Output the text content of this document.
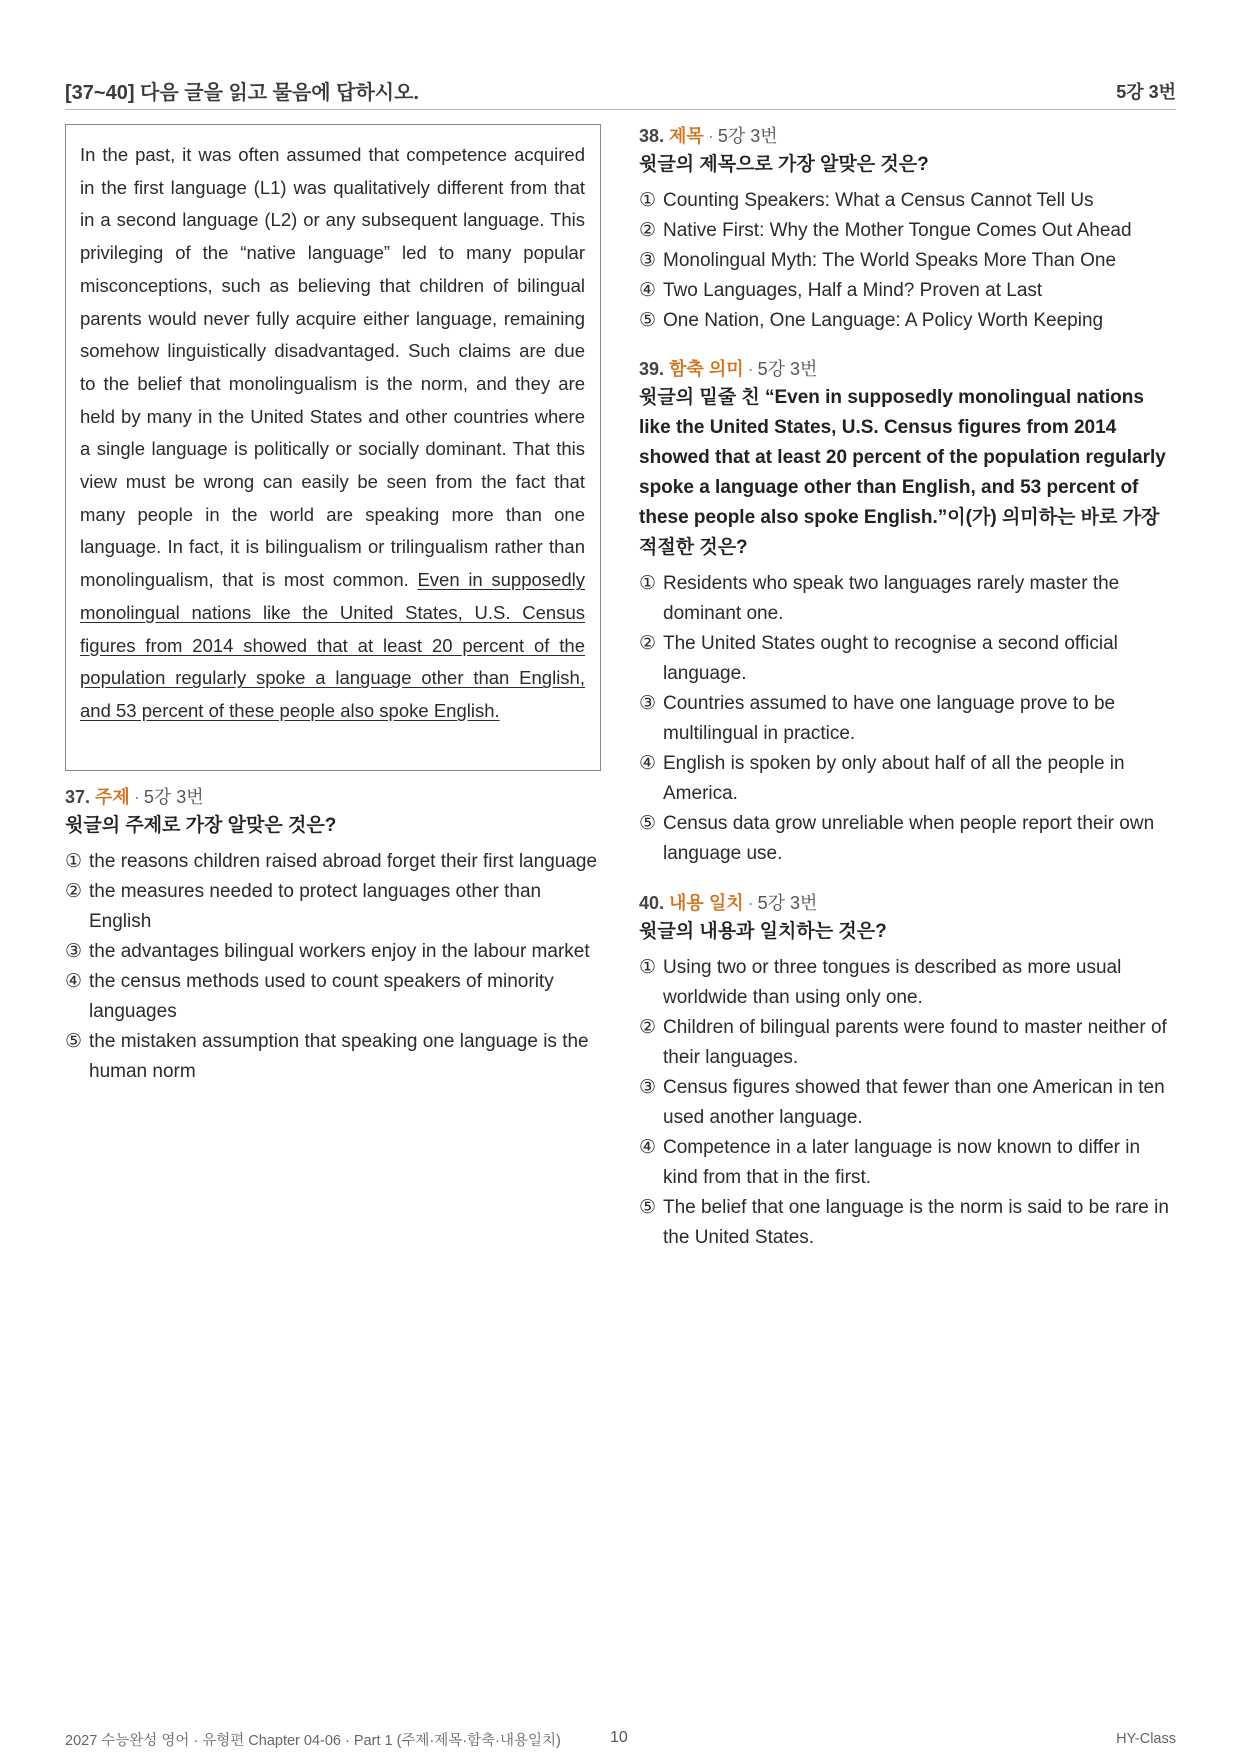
[37~40] 다음 글을 읽고 물음에 답하시오.	5강 3번
In the past, it was often assumed that competence acquired in the first language (L1) was qualitatively different from that in a second language (L2) or any subsequent language. This privileging of the “native language” led to many popular misconceptions, such as believing that children of bilingual parents would never fully acquire either language, remaining somehow linguistically disadvantaged. Such claims are due to the belief that monolingualism is the norm, and they are held by many in the United States and other countries where a single language is politically or socially dominant. That this view must be wrong can easily be seen from the fact that many people in the world are speaking more than one language. In fact, it is bilingualism or trilingualism rather than monolingualism, that is most common. Even in supposedly monolingual nations like the United States, U.S. Census figures from 2014 showed that at least 20 percent of the population regularly spoke a language other than English, and 53 percent of these people also spoke English.
37. 주제 · 5강 3번
윗글의 주제로 가장 알맞은 것은?
① the reasons children raised abroad forget their first language
② the measures needed to protect languages other than English
③ the advantages bilingual workers enjoy in the labour market
④ the census methods used to count speakers of minority languages
⑤ the mistaken assumption that speaking one language is the human norm
38. 제목 · 5강 3번
윗글의 제목으로 가장 알맞은 것은?
① Counting Speakers: What a Census Cannot Tell Us
② Native First: Why the Mother Tongue Comes Out Ahead
③ Monolingual Myth: The World Speaks More Than One
④ Two Languages, Half a Mind? Proven at Last
⑤ One Nation, One Language: A Policy Worth Keeping
39. 함축 의미 · 5강 3번
윗글의 밑줄 친 “Even in supposedly monolingual nations like the United States, U.S. Census figures from 2014 showed that at least 20 percent of the population regularly spoke a language other than English, and 53 percent of these people also spoke English.”이(가) 의미하는 바로 가장 적절한 것은?
① Residents who speak two languages rarely master the dominant one.
② The United States ought to recognise a second official language.
③ Countries assumed to have one language prove to be multilingual in practice.
④ English is spoken by only about half of all the people in America.
⑤ Census data grow unreliable when people report their own language use.
40. 내용 일치 · 5강 3번
윗글의 내용과 일치하는 것은?
① Using two or three tongues is described as more usual worldwide than using only one.
② Children of bilingual parents were found to master neither of their languages.
③ Census figures showed that fewer than one American in ten used another language.
④ Competence in a later language is now known to differ in kind from that in the first.
⑤ The belief that one language is the norm is said to be rare in the United States.
2027 수능완성 영어 · 유형편 Chapter 04-06 · Part 1 (주제·제목·함축·내용일치)	10	HY-Class
